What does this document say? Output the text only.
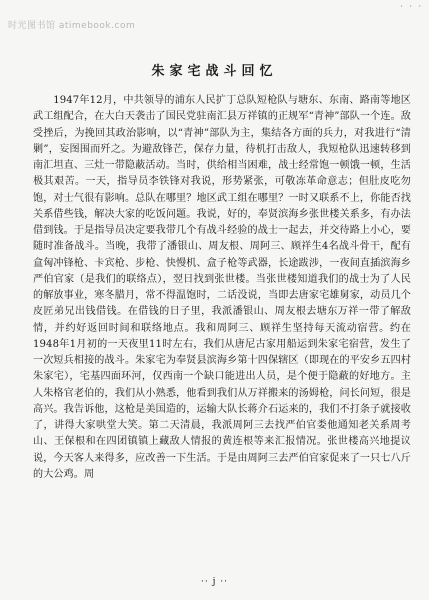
· · ·
时光图书馆 atimebook.com
朱家宅战斗回忆

1947年12月，中共领导的浦东人民扩丁总队短枪队与塘东、东南、路南等地区武工组配合，在大白天袭击了国民党驻南汇县万祥镇的正规军“青神”部队一个连。敌受挫后，为挽回其政治影响，以“青神”部队为主，集结各方面的兵力，对我进行“清剿”，妄图围而歼之。为避敌锋芒，保存力量，待机打击敌人，我短枪队迅速转移到南汇坦直、三灶一带隐蔽活动。当时，供给相当困难，战士经常饱一顿饿一顿，生活极其艰苦。一天，指导员李铁锋对我说，形势紧张，可敬冻革命意志；但肚皮吃勿饱，对士气很有影响。总队在哪里？地区武工组在哪里？一时又联系不上，你能否找关系借些钱，解决大家的吃饭问题。我说，好的，奉贤滨海乡张世楼关系多，有办法借到钱。于是指导员决定要我带几个有战斗经验的战士一起去，并交待路上小心，要随时准备战斗。当晚，我带了潘银山、周友根、周阿三、顾祥生4名战斗骨干，配有盒匈冲锋枪、卡宾枪、步枪、快慢机、盒子枪等武器，长途跋涉，一夜间直插滨海乡严伯官家（是我们的联络点），翌日找到张世楼。当张世楼知道我们的战士为了人民的解放事业，寒冬腊月，常不得温饱时，二话没说，当即去唐家宅雄舅家，动员几个皮匠弟兄出钱借钱。在借钱的日子里，我派潘银山、周友根去塘东万祥一带了解敌情，并约好返回时间和联络地点。我和周阿三、顾祥生坚持每天流动宿营。约在1948年1月初的一天夜里11时左右，我们从唐尼古家用船运到朱家宅宿营，发生了一次短兵相接的战斗。朱家宅为奉贤县滨海乡第十四保辖区（即现在的平安乡五四村朱家宅），宅基四面环河，仅西南一个缺口能进出人员，是个便于隐蔽的好地方。主人朱格官老伯的，我们从小熟悉，他看到我们从万祥搬来的汤姆枪，问长问短，很是高兴。我告诉他，这枪是美国造的，运输大队长蒋介石运来的，我们不打条子就接收了，讲得大家哄堂大笑。第二天清晨，我派周阿三去找严伯官娄他通知老关系周考山、王保根和在四团镇镇上藏敌人情报的黄连根等来汇报情况。张世楼高兴地提议说，今天客人来得多，应改善一下生活。于是由周阿三去严伯官家促来了一只七八斤的大公鸡。周

·· j ··
